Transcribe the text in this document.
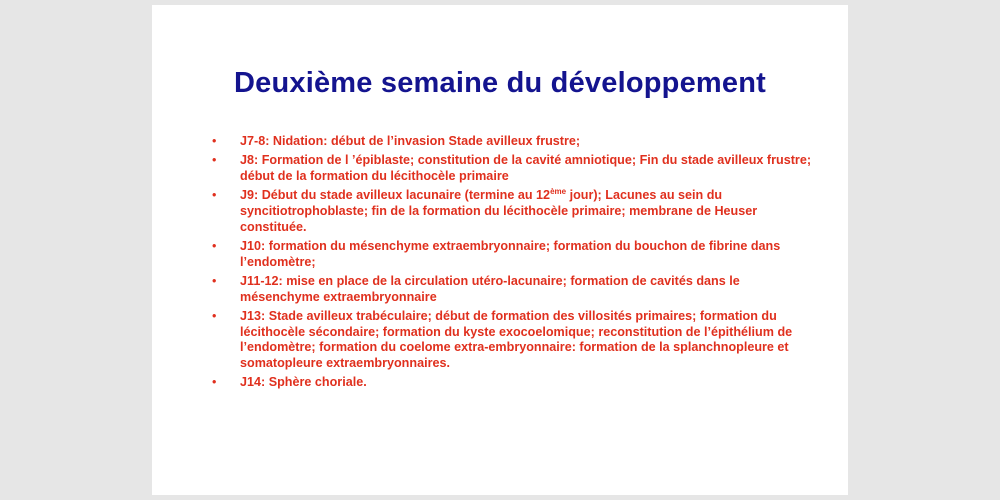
Deuxième semaine du développement
• J7-8: Nidation: début de l’invasion Stade avilleux frustre;
• J8: Formation de l ’épiblaste; constitution de la cavité amniotique; Fin du stade avilleux frustre; début de la formation du lécithocèle primaire
• J9: Début du stade avilleux lacunaire (termine au 12ème jour); Lacunes au sein du syncitiotrophoblaste; fin de la formation du lécithocèle primaire; membrane de Heuser constituée.
• J10: formation du mésenchyme extraembryonnaire; formation du bouchon de fibrine dans l’endomètre;
• J11-12: mise en place de la circulation utéro-lacunaire; formation de cavités dans le mésenchyme extraembryonnaire
• J13: Stade avilleux trabéculaire; début de formation des villosités primaires; formation du lécithocèle sécondaire; formation du kyste exocoelomique; reconstitution de l’épithélium de l’endomètre; formation du coelome extra-embryonnaire: formation de la splanchnopleure et somatopleure extraembryonnaires.
• J14: Sphère choriale.
